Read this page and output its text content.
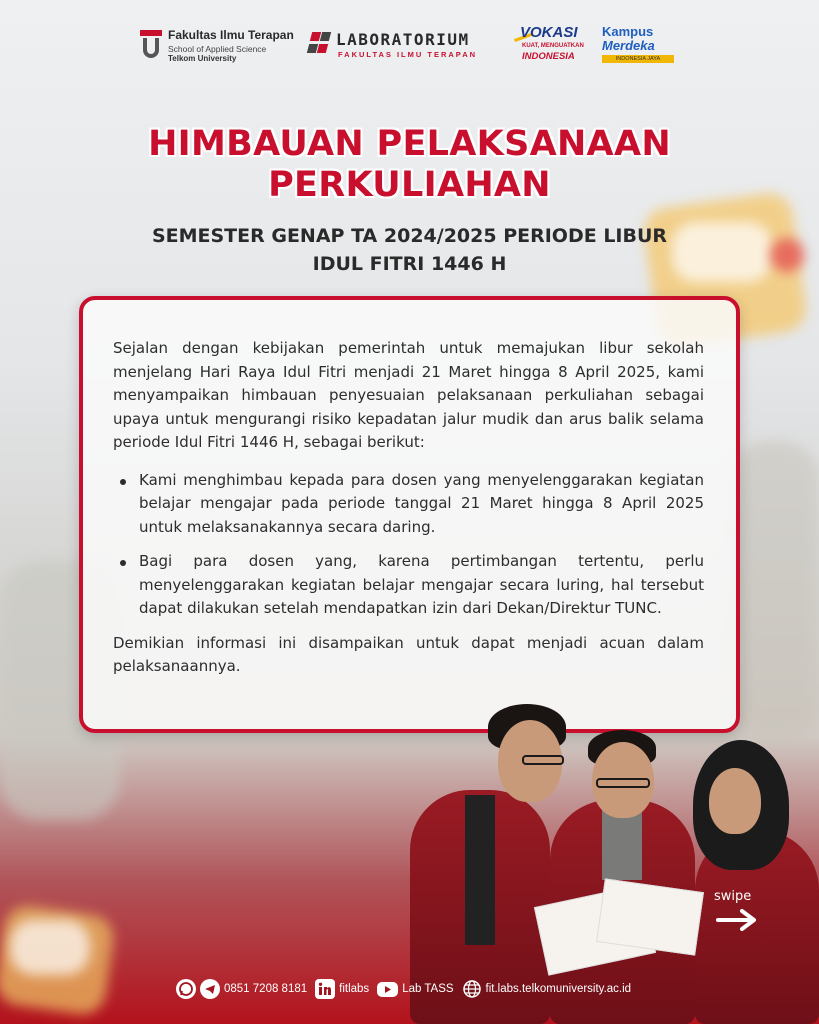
Fakultas Ilmu Terapan
School of Applied Science
Telkom University
LABORATORIUM
FAKULTAS ILMU TERAPAN
VOKASI
KUAT, MENGUATKAN
INDONESIA
Kampus
Merdeka
INDONESIA JAYA
HIMBAUAN PELAKSANAAN
PERKULIAHAN
SEMESTER GENAP TA 2024/2025 PERIODE LIBUR
IDUL FITRI 1446 H

Sejalan dengan kebijakan pemerintah untuk memajukan libur sekolah menjelang Hari Raya Idul Fitri menjadi 21 Maret hingga 8 April 2025, kami menyampaikan himbauan penyesuaian pelaksanaan perkuliahan sebagai upaya untuk mengurangi risiko kepadatan jalur mudik dan arus balik selama periode Idul Fitri 1446 H, sebagai berikut:

Kami menghimbau kepada para dosen yang menyelenggarakan kegiatan belajar mengajar pada periode tanggal 21 Maret hingga 8 April 2025 untuk melaksanakannya secara daring.
Bagi para dosen yang, karena pertimbangan tertentu, perlu menyelenggarakan kegiatan belajar mengajar secara luring, hal tersebut dapat dilakukan setelah mendapatkan izin dari Dekan/Direktur TUNC.

Demikian informasi ini disampaikan untuk dapat menjadi acuan dalam pelaksanaannya.

swipe
0851 7208 8181	fitlabs	Lab TASS	fit.labs.telkomuniversity.ac.id
